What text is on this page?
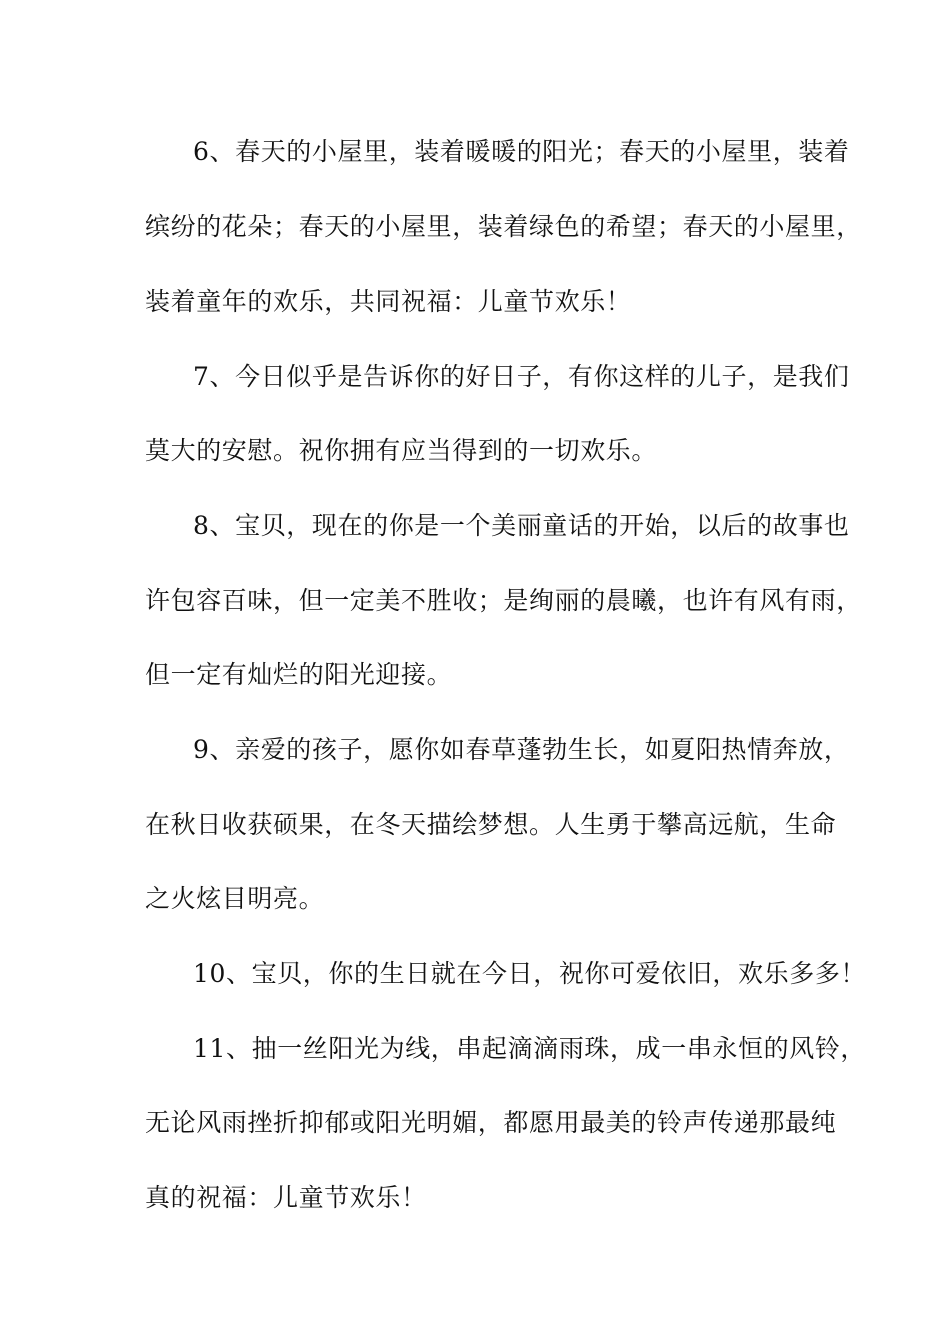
6、春天的小屋里，装着暖暖的阳光；春天的小屋里，装着
缤纷的花朵；春天的小屋里，装着绿色的希望；春天的小屋里，
装着童年的欢乐，共同祝福：儿童节欢乐！
7、今日似乎是告诉你的好日子，有你这样的儿子，是我们
莫大的安慰。祝你拥有应当得到的一切欢乐。
8、宝贝，现在的你是一个美丽童话的开始，以后的故事也
许包容百味，但一定美不胜收；是绚丽的晨曦，也许有风有雨，
但一定有灿烂的阳光迎接。
9、亲爱的孩子，愿你如春草蓬勃生长，如夏阳热情奔放，
在秋日收获硕果，在冬天描绘梦想。人生勇于攀高远航，生命
之火炫目明亮。
10、宝贝，你的生日就在今日，祝你可爱依旧，欢乐多多！
11、抽一丝阳光为线，串起滴滴雨珠，成一串永恒的风铃，
无论风雨挫折抑郁或阳光明媚，都愿用最美的铃声传递那最纯
真的祝福：儿童节欢乐！
